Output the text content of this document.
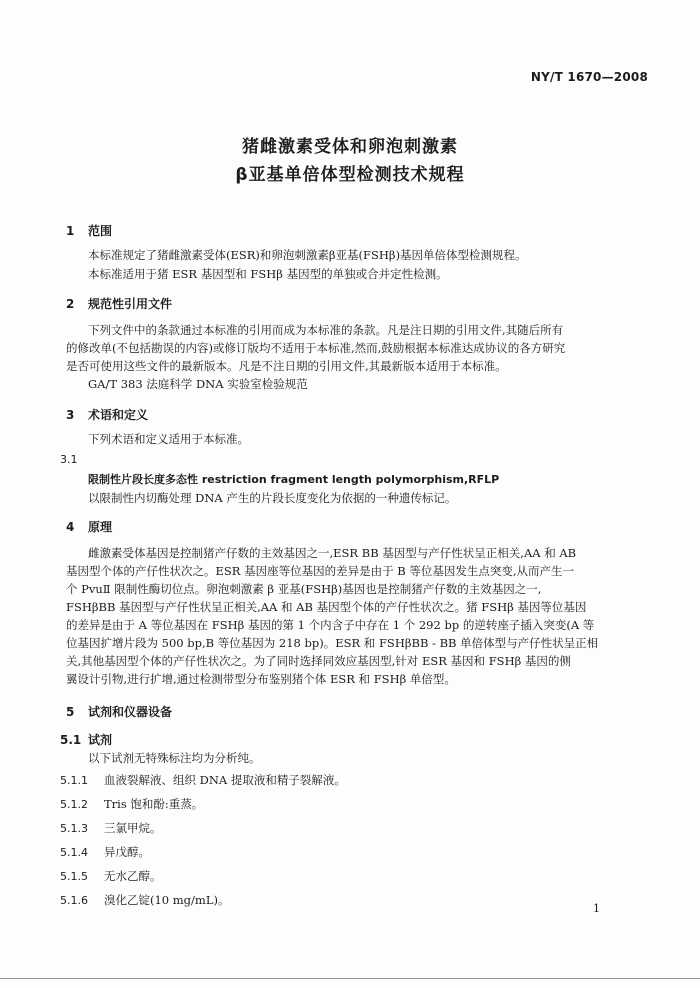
NY/T 1670—2008
猪雌激素受体和卵泡刺激素
β亚基单倍体型检测技术规程
1 范围
本标准规定了猪雌激素受体(ESR)和卵泡刺激素β亚基(FSHβ)基因单倍体型检测规程。
本标准适用于猪 ESR 基因型和 FSHβ 基因型的单独或合并定性检测。
2 规范性引用文件
下列文件中的条款通过本标准的引用而成为本标准的条款。凡是注日期的引用文件,其随后所有
的修改单(不包括勘误的内容)或修订版均不适用于本标准,然而,鼓励根据本标准达成协议的各方研究
是否可使用这些文件的最新版本。凡是不注日期的引用文件,其最新版本适用于本标准。
GA/T 383 法庭科学 DNA 实验室检验规范
3 术语和定义
下列术语和定义适用于本标准。
3.1
限制性片段长度多态性 restriction fragment length polymorphism,RFLP
以限制性内切酶处理 DNA 产生的片段长度变化为依据的一种遗传标记。
4 原理
雌激素受体基因是控制猪产仔数的主效基因之一,ESR BB 基因型与产仔性状呈正相关,AA 和 AB
基因型个体的产仔性状次之。ESR 基因座等位基因的差异是由于 B 等位基因发生点突变,从而产生一
个 PvuⅡ 限制性酶切位点。卵泡刺激素 β 亚基(FSHβ)基因也是控制猪产仔数的主效基因之一,
FSHβBB 基因型与产仔性状呈正相关,AA 和 AB 基因型个体的产仔性状次之。猪 FSHβ 基因等位基因
的差异是由于 A 等位基因在 FSHβ 基因的第 1 个内含子中存在 1 个 292 bp 的逆转座子插入突变(A 等
位基因扩增片段为 500 bp,B 等位基因为 218 bp)。ESR 和 FSHβBB - BB 单倍体型与产仔性状呈正相
关,其他基因型个体的产仔性状次之。为了同时选择同效应基因型,针对 ESR 基因和 FSHβ 基因的侧
翼设计引物,进行扩增,通过检测带型分布鉴别猪个体 ESR 和 FSHβ 单倍型。
5 试剂和仪器设备
5.1 试剂
以下试剂无特殊标注均为分析纯。
5.1.1 血液裂解液、组织 DNA 提取液和精子裂解液。
5.1.2 Tris 饱和酚:重蒸。
5.1.3 三氯甲烷。
5.1.4 异戊醇。
5.1.5 无水乙醇。
5.1.6 溴化乙锭(10 mg/mL)。
1
